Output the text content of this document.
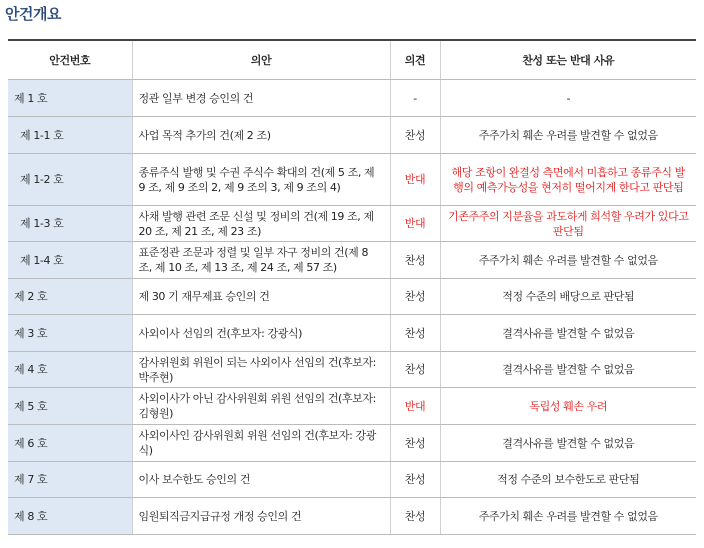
안건개요
안건번호	의안	의견	찬성 또는 반대 사유
제 1 호	정관 일부 변경 승인의 건	-	-
제 1-1 호	사업 목적 추가의 건(제 2 조)	찬성	주주가치 훼손 우려를 발견할 수 없었음
제 1-2 호	종류주식 발행 및 수권 주식수 확대의 건(제 5 조, 제 9 조, 제 9 조의 2, 제 9 조의 3, 제 9 조의 4)	반대	해당 조항이 완결성 측면에서 미흡하고 종류주식 발행의 예측가능성을 현저히 떨어지게 한다고 판단됨
제 1-3 호	사채 발행 관련 조문 신설 및 정비의 건(제 19 조, 제 20 조, 제 21 조, 제 23 조)	반대	기존주주의 지분율을 과도하게 희석할 우려가 있다고 판단됨
제 1-4 호	표준정관 조문과 정렬 및 일부 자구 정비의 건(제 8 조, 제 10 조, 제 13 조, 제 24 조, 제 57 조)	찬성	주주가치 훼손 우려를 발견할 수 없었음
제 2 호	제 30 기 재무제표 승인의 건	찬성	적정 수준의 배당으로 판단됨
제 3 호	사외이사 선임의 건(후보자: 강광식)	찬성	결격사유를 발견할 수 없었음
제 4 호	감사위원회 위원이 되는 사외이사 선임의 건(후보자: 박주현)	찬성	결격사유를 발견할 수 없었음
제 5 호	사외이사가 아닌 감사위원회 위원 선임의 건(후보자: 김형원)	반대	독립성 훼손 우려
제 6 호	사외이사인 감사위원회 위원 선임의 건(후보자: 강광식)	찬성	결격사유를 발견할 수 없었음
제 7 호	이사 보수한도 승인의 건	찬성	적정 수준의 보수한도로 판단됨
제 8 호	임원퇴직금지급규정 개정 승인의 건	찬성	주주가치 훼손 우려를 발견할 수 없었음
